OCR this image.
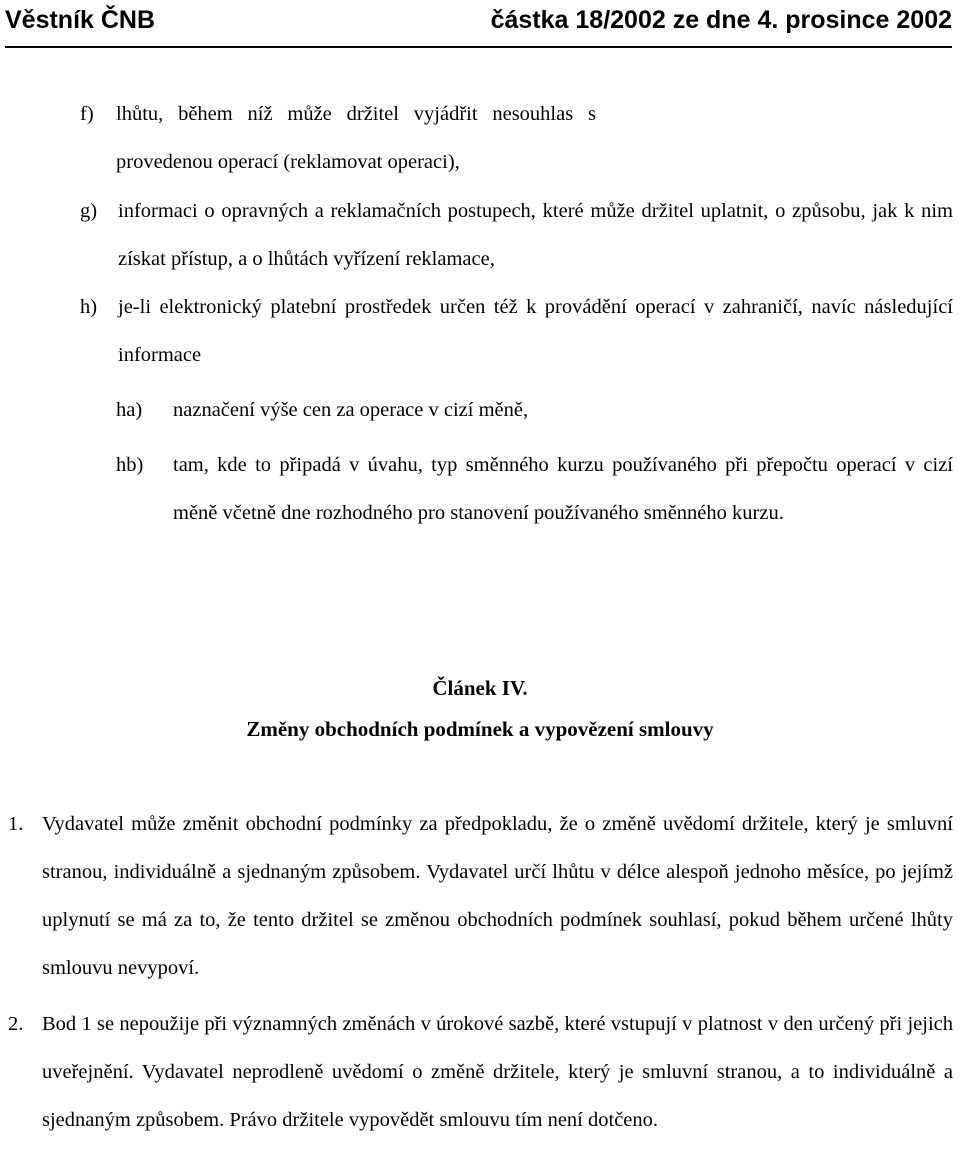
Věstník ČNB	částka 18/2002 ze dne 4. prosince 2002
f) lhůtu, během níž může držitel vyjádřit nesouhlas s provedenou operací (reklamovat operaci),
g) informaci o opravných a reklamačních postupech, které může držitel uplatnit, o způsobu, jak k nim získat přístup, a o lhůtách vyřízení reklamace,
h) je-li elektronický platební prostředek určen též k provádění operací v zahraničí, navíc následující informace
ha) naznačení výše cen za operace v cizí měně,
hb) tam, kde to připadá v úvahu, typ směnného kurzu používaného při přepočtu operací v cizí měně včetně dne rozhodného pro stanovení používaného směnného kurzu.
Článek IV.
Změny obchodních podmínek a vypovězení smlouvy
1. Vydavatel může změnit obchodní podmínky za předpokladu, že o změně uvědomí držitele, který je smluvní stranou, individuálně a sjednaným způsobem. Vydavatel určí lhůtu v délce alespoň jednoho měsíce, po jejímž uplynutí se má za to, že tento držitel se změnou obchodních podmínek souhlasí, pokud během určené lhůty smlouvu nevypoví.
2. Bod 1 se nepoužije při významných změnách v úrokové sazbě, které vstupují v platnost v den určený při jejich uveřejnění. Vydavatel neprodleně uvědomí o změně držitele, který je smluvní stranou, a to individuálně a sjednaným způsobem. Právo držitele vypovědět smlouvu tím není dotčeno.
